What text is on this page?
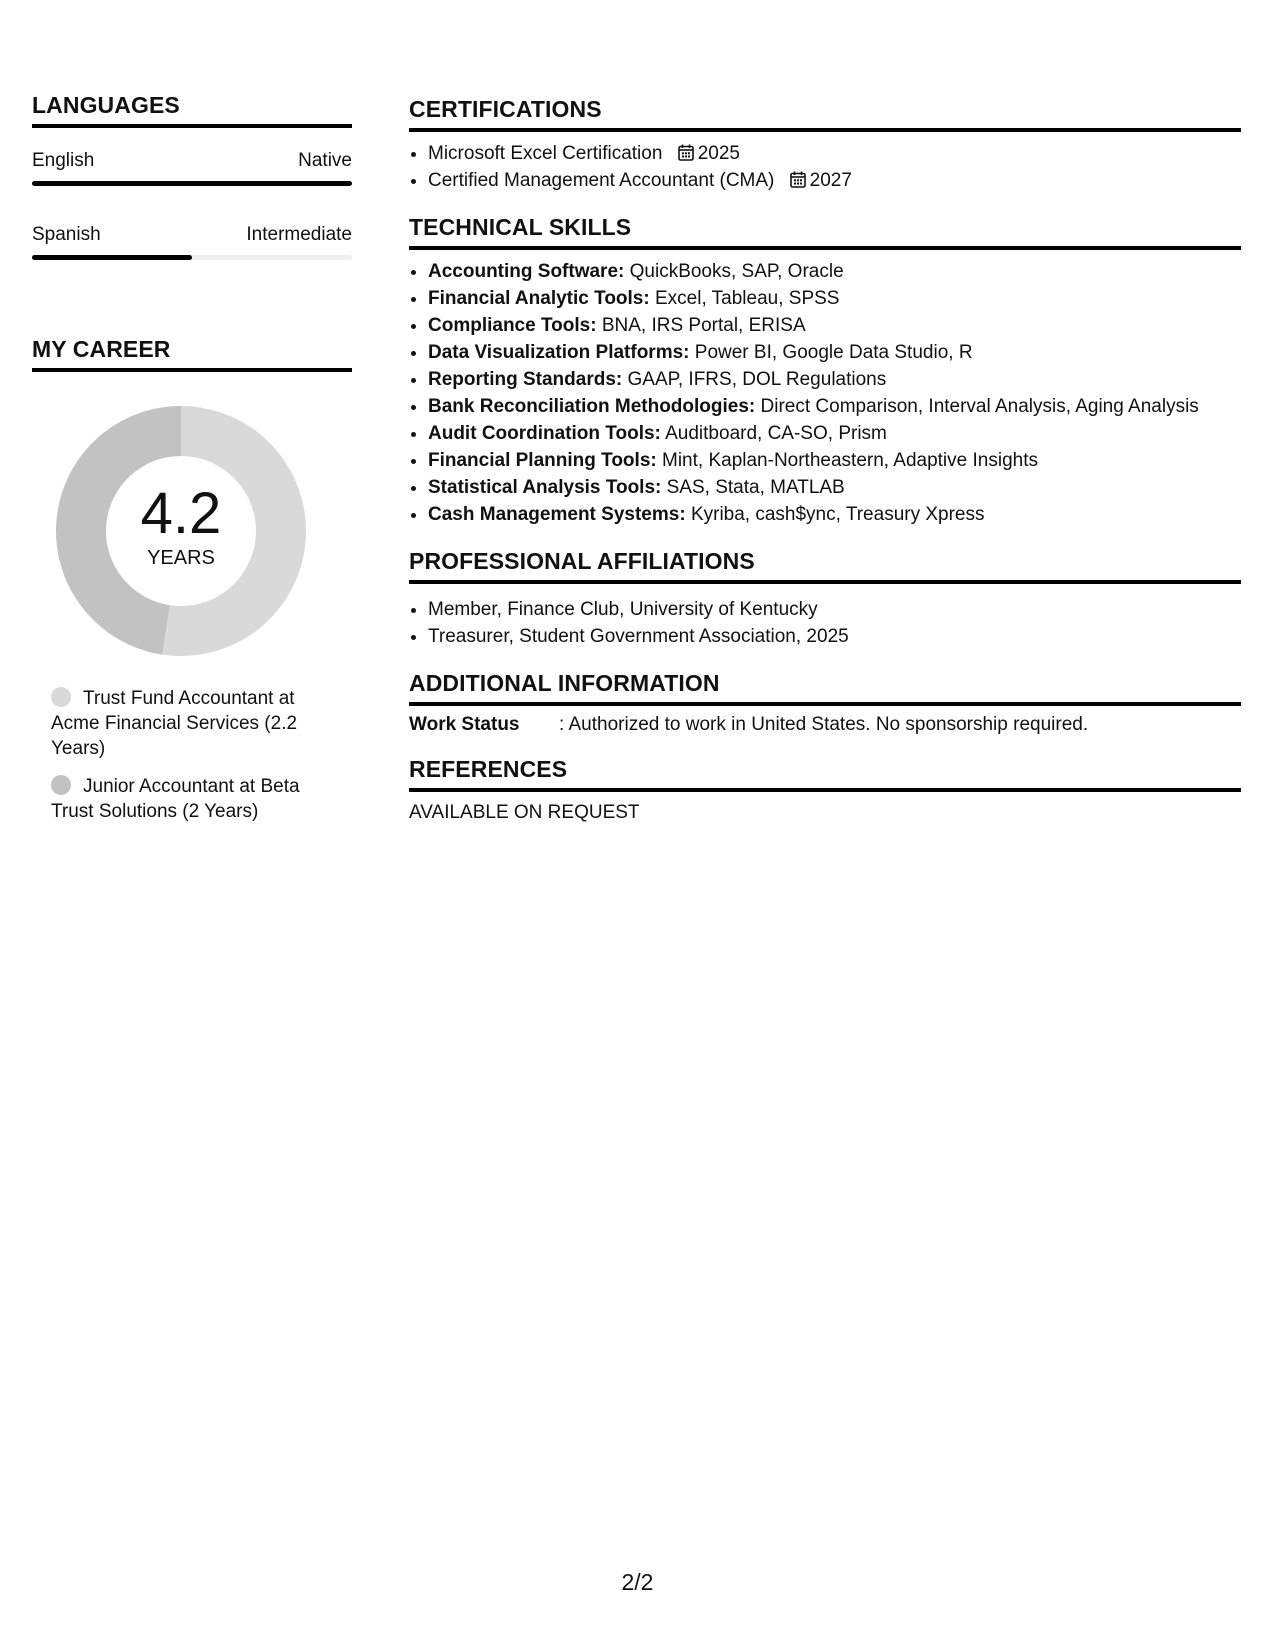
LANGUAGES
English	Native
Spanish	Intermediate
MY CAREER
4.2
YEARS
Trust Fund Accountant at Acme Financial Services (2.2 Years)
Junior Accountant at Beta Trust Solutions (2 Years)
CERTIFICATIONS
• Microsoft Excel Certification 2025
• Certified Management Accountant (CMA) 2027
TECHNICAL SKILLS
• Accounting Software: QuickBooks, SAP, Oracle
• Financial Analytic Tools: Excel, Tableau, SPSS
• Compliance Tools: BNA, IRS Portal, ERISA
• Data Visualization Platforms: Power BI, Google Data Studio, R
• Reporting Standards: GAAP, IFRS, DOL Regulations
• Bank Reconciliation Methodologies: Direct Comparison, Interval Analysis, Aging Analysis
• Audit Coordination Tools: Auditboard, CA-SO, Prism
• Financial Planning Tools: Mint, Kaplan-Northeastern, Adaptive Insights
• Statistical Analysis Tools: SAS, Stata, MATLAB
• Cash Management Systems: Kyriba, cash$ync, Treasury Xpress
PROFESSIONAL AFFILIATIONS
• Member, Finance Club, University of Kentucky
• Treasurer, Student Government Association, 2025
ADDITIONAL INFORMATION
Work Status	: Authorized to work in United States. No sponsorship required.
REFERENCES
AVAILABLE ON REQUEST
2/2
